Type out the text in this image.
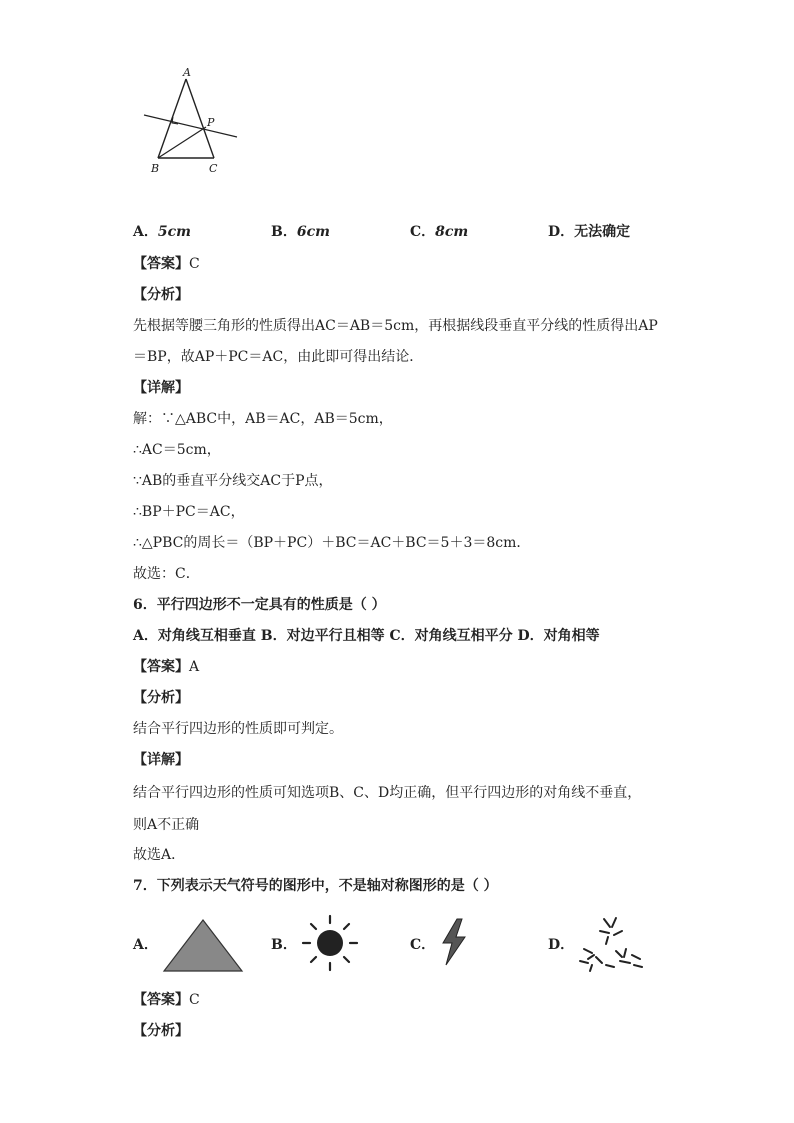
A
P
B	C
A．5cm	B．6cm	C．8cm	D．无法确定
【答案】C
【分析】
先根据等腰三角形的性质得出AC＝AB＝5cm，再根据线段垂直平分线的性质得出AP
＝BP，故AP＋PC＝AC，由此即可得出结论．
【详解】
解：∵△ABC中，AB＝AC，AB＝5cm，
∴AC＝5cm，
∵AB的垂直平分线交AC于P点，
∴BP＋PC＝AC，
∴△PBC的周长＝（BP＋PC）＋BC＝AC＋BC＝5＋3＝8cm．
故选：C．
6．平行四边形不一定具有的性质是（ ）
A．对角线互相垂直 B．对边平行且相等 C．对角线互相平分 D．对角相等
【答案】A
【分析】
结合平行四边形的性质即可判定。
【详解】
结合平行四边形的性质可知选项B、C、D均正确，但平行四边形的对角线不垂直，
则A不正确
故选A．
7．下列表示天气符号的图形中，不是轴对称图形的是（ ）
A．	B．	C．	D．
【答案】C
【分析】
